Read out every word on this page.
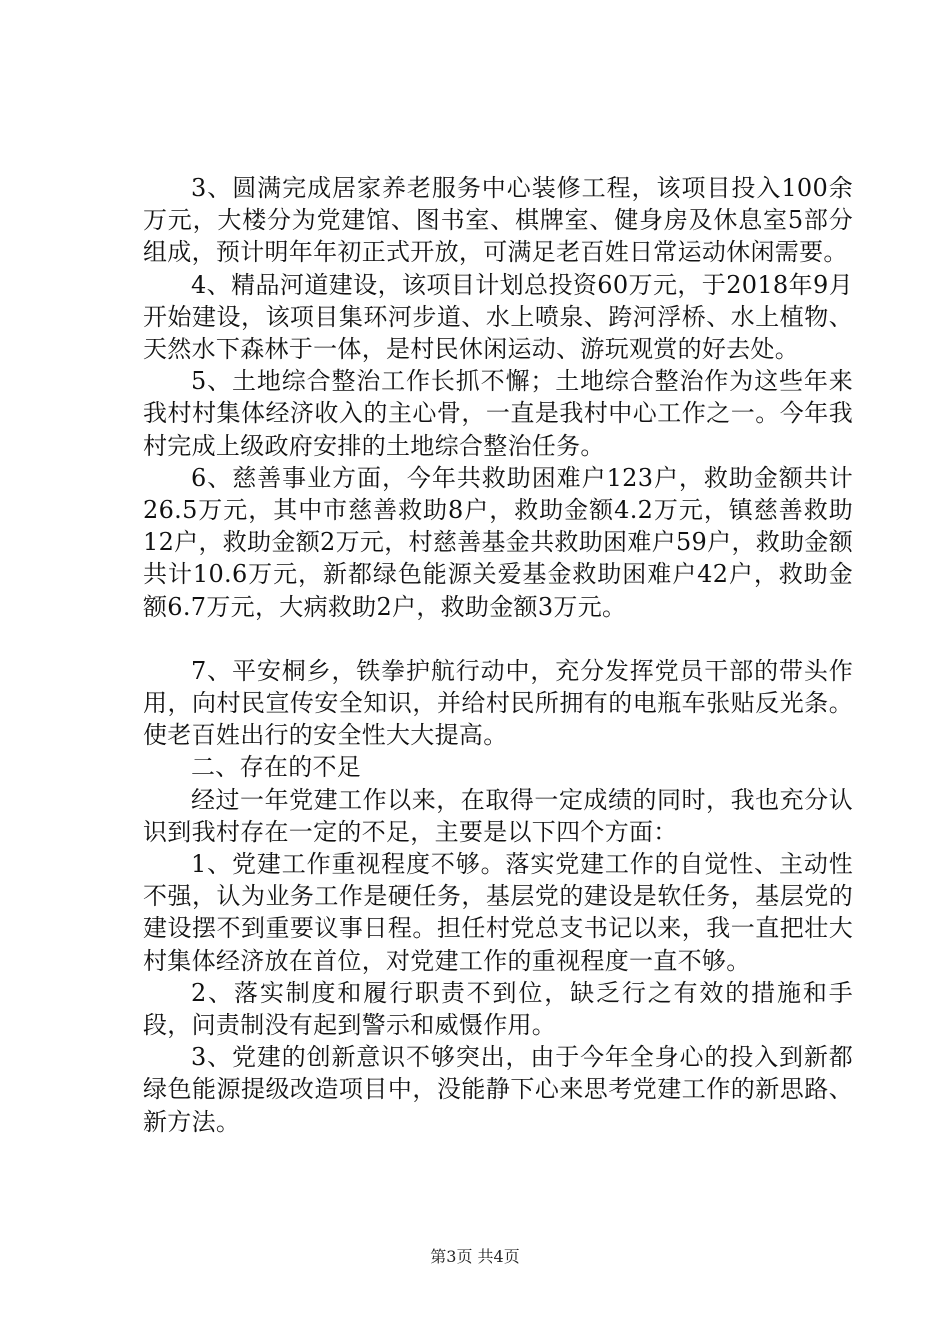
3、圆满完成居家养老服务中心装修工程，该项目投入100余万元，大楼分为党建馆、图书室、棋牌室、健身房及休息室5部分组成，预计明年年初正式开放，可满足老百姓日常运动休闲需要。

4、精品河道建设，该项目计划总投资60万元，于2018年9月开始建设，该项目集环河步道、水上喷泉、跨河浮桥、水上植物、天然水下森林于一体，是村民休闲运动、游玩观赏的好去处。

5、土地综合整治工作长抓不懈；土地综合整治作为这些年来我村村集体经济收入的主心骨，一直是我村中心工作之一。今年我村完成上级政府安排的土地综合整治任务。

6、慈善事业方面，今年共救助困难户123户，救助金额共计26.5万元，其中市慈善救助8户，救助金额4.2万元，镇慈善救助12户，救助金额2万元，村慈善基金共救助困难户59户，救助金额共计10.6万元，新都绿色能源关爱基金救助困难户42户，救助金额6.7万元，大病救助2户，救助金额3万元。

7、平安桐乡，铁拳护航行动中，充分发挥党员干部的带头作用，向村民宣传安全知识，并给村民所拥有的电瓶车张贴反光条。使老百姓出行的安全性大大提高。

二、存在的不足

经过一年党建工作以来，在取得一定成绩的同时，我也充分认识到我村存在一定的不足，主要是以下四个方面：

1、党建工作重视程度不够。落实党建工作的自觉性、主动性不强，认为业务工作是硬任务，基层党的建设是软任务，基层党的建设摆不到重要议事日程。担任村党总支书记以来，我一直把壮大村集体经济放在首位，对党建工作的重视程度一直不够。

2、落实制度和履行职责不到位，缺乏行之有效的措施和手段，问责制没有起到警示和威慑作用。

3、党建的创新意识不够突出，由于今年全身心的投入到新都绿色能源提级改造项目中，没能静下心来思考党建工作的新思路、新方法。

第3页 共4页
